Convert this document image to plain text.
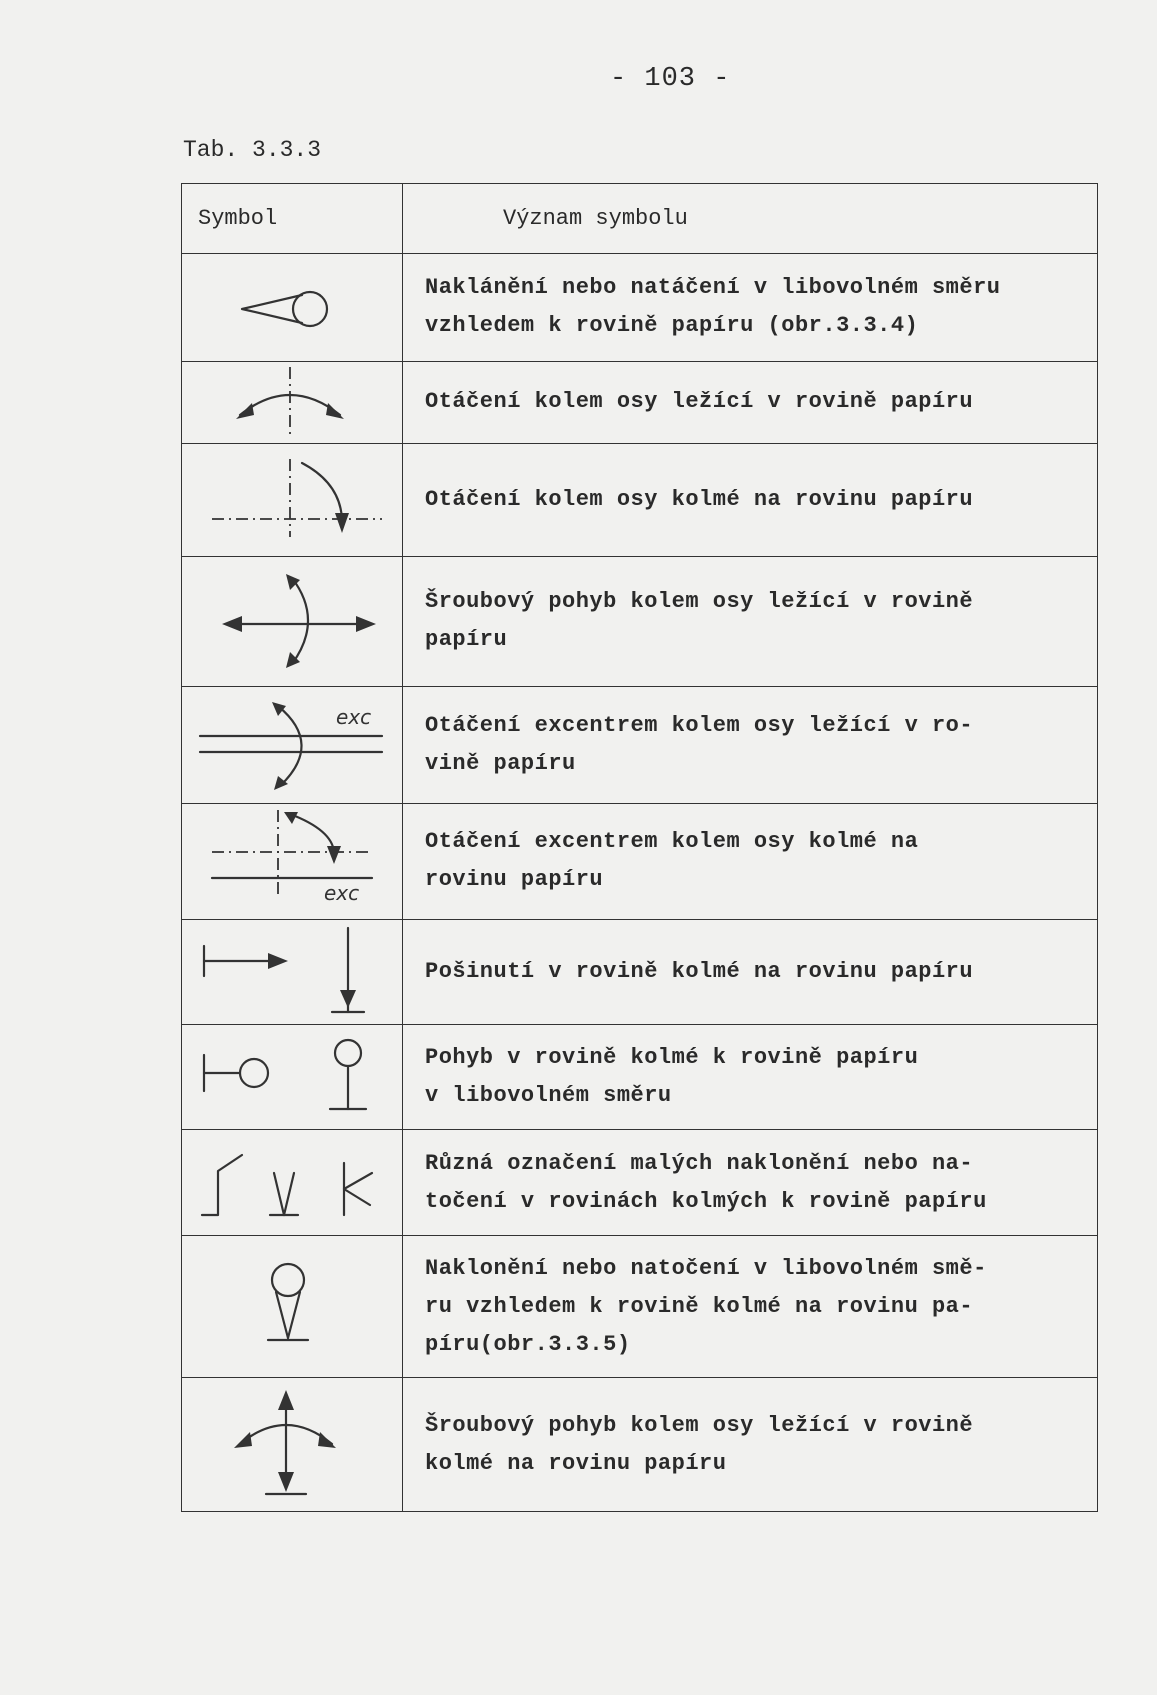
- 103 -
Tab. 3.3.3
Symbol	Význam symbolu

	Naklánění nebo natáčení v libovolném směru
vzhledem k rovině papíru (obr.3.3.4)

	Otáčení kolem osy ležící v rovině papíru

	Otáčení kolem osy kolmé na rovinu papíru

	Šroubový pohyb kolem osy ležící v rovině
papíru

exc	Otáčení excentrem kolem osy ležící v ro-
vině papíru

exc	Otáčení excentrem kolem osy kolmé na
rovinu papíru

	Pošinutí v rovině kolmé na rovinu papíru

	Pohyb v rovině kolmé k rovině papíru
v libovolném směru

	Různá označení malých naklonění nebo na-
točení v rovinách kolmých k rovině papíru

	Naklonění nebo natočení v libovolném smě-
ru vzhledem k rovině kolmé na rovinu pa-
píru(obr.3.3.5)

	Šroubový pohyb kolem osy ležící v rovině
kolmé na rovinu papíru
